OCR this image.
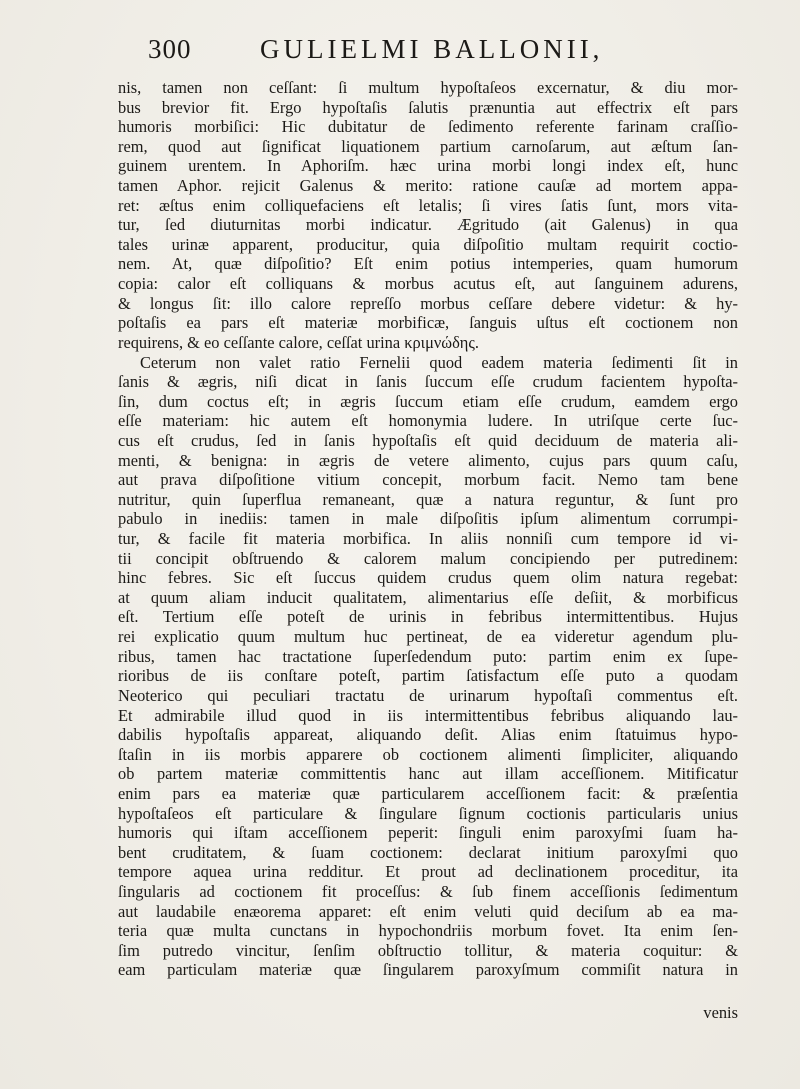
300	GULIELMI BALLONII,
nis, tamen non ceſſant: ſi multum hypoſtaſeos excernatur, & diu mor-
bus brevior fit. Ergo hypoſtaſis ſalutis prænuntia aut effectrix eſt pars
humoris morbiſici: Hic dubitatur de ſedimento referente farinam craſſio-
rem, quod aut ſignificat liquationem partium carnoſarum, aut æſtum ſan-
guinem urentem. In Aphoriſm. hæc urina morbi longi index eſt, hunc
tamen Aphor. rejicit Galenus & merito: ratione cauſæ ad mortem appa-
ret: æſtus enim colliquefaciens eſt letalis; ſi vires ſatis ſunt, mors vita-
tur, ſed diuturnitas morbi indicatur. Ægritudo (ait Galenus) in qua
tales urinæ apparent, producitur, quia diſpoſitio multam requirit coctio-
nem. At, quæ diſpoſitio? Eſt enim potius intemperies, quam humorum
copia: calor eſt colliquans & morbus acutus eſt, aut ſanguinem adurens,
& longus ſit: illo calore repreſſo morbus ceſſare debere videtur: & hy-
poſtaſis ea pars eſt materiæ morbificæ, ſanguis uſtus eſt coctionem non
requirens, & eo ceſſante calore, ceſſat urina κριμνώδης.
Ceterum non valet ratio Fernelii quod eadem materia ſedimenti ſit in
ſanis & ægris, niſi dicat in ſanis ſuccum eſſe crudum facientem hypoſta-
ſin, dum coctus eſt; in ægris ſuccum etiam eſſe crudum, eamdem ergo
eſſe materiam: hic autem eſt homonymia ludere. In utriſque certe ſuc-
cus eſt crudus, ſed in ſanis hypoſtaſis eſt quid deciduum de materia ali-
menti, & benigna: in ægris de vetere alimento, cujus pars quum caſu,
aut prava diſpoſitione vitium concepit, morbum facit. Nemo tam bene
nutritur, quin ſuperflua remaneant, quæ a natura reguntur, & ſunt pro
pabulo in inediis: tamen in male diſpoſitis ipſum alimentum corrumpi-
tur, & facile fit materia morbifica. In aliis nonniſi cum tempore id vi-
tii concipit obſtruendo & calorem malum concipiendo per putredinem:
hinc febres. Sic eſt ſuccus quidem crudus quem olim natura regebat:
at quum aliam inducit qualitatem, alimentarius eſſe deſiit, & morbificus
eſt. Tertium eſſe poteſt de urinis in febribus intermittentibus. Hujus
rei explicatio quum multum huc pertineat, de ea videretur agendum plu-
ribus, tamen hac tractatione ſuperſedendum puto: partim enim ex ſupe-
rioribus de iis conſtare poteſt, partim ſatisfactum eſſe puto a quodam
Neoterico qui peculiari tractatu de urinarum hypoſtaſi commentus eſt.
Et admirabile illud quod in iis intermittentibus febribus aliquando lau-
dabilis hypoſtaſis appareat, aliquando deſit. Alias enim ſtatuimus hypo-
ſtaſin in iis morbis apparere ob coctionem alimenti ſimpliciter, aliquando
ob partem materiæ committentis hanc aut illam acceſſionem. Mitificatur
enim pars ea materiæ quæ particularem acceſſionem facit: & præſentia
hypoſtaſeos eſt particulare & ſingulare ſignum coctionis particularis unius
humoris qui iſtam acceſſionem peperit: ſinguli enim paroxyſmi ſuam ha-
bent cruditatem, & ſuam coctionem: declarat initium paroxyſmi quo
tempore aquea urina redditur. Et prout ad declinationem proceditur, ita
ſingularis ad coctionem fit proceſſus: & ſub finem acceſſionis ſedimentum
aut laudabile enæorema apparet: eſt enim veluti quid deciſum ab ea ma-
teria quæ multa cunctans in hypochondriis morbum fovet. Ita enim ſen-
ſim putredo vincitur, ſenſim obſtructio tollitur, & materia coquitur: &
eam particulam materiæ quæ ſingularem paroxyſmum commiſit natura in
venis
